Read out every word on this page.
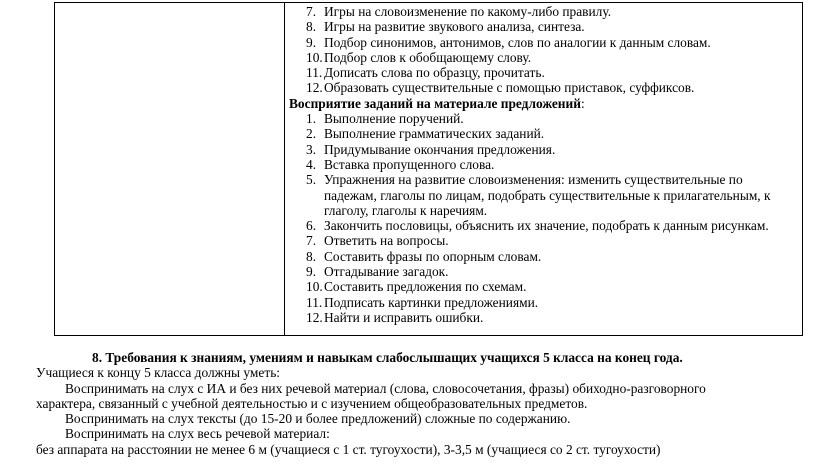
7. Игры на словоизменение по какому-либо правилу.
8. Игры на развитие звукового анализа, синтеза.
9. Подбор синонимов, антонимов, слов по аналогии к данным словам.
10. Подбор слов к обобщающему слову.
11. Дописать слова по образцу, прочитать.
12. Образовать существительные с помощью приставок, суффиксов.

Восприятие заданий на материале предложений:

1. Выполнение поручений.
2. Выполнение грамматических заданий.
3. Придумывание окончания предложения.
4. Вставка пропущенного слова.
5. Упражнения на развитие словоизменения: изменить существительные по падежам, глаголы по лицам, подобрать существительные к прилагательным, к глаголу, глаголы к наречиям.
6. Закончить пословицы, объяснить их значение, подобрать к данным рисункам.
7. Ответить на вопросы.
8. Составить фразы по опорным словам.
9. Отгадывание загадок.
10. Составить предложения по схемам.
11. Подписать картинки предложениями.
12. Найти и исправить ошибки.

8. Требования к знаниям, умениям и навыкам слабослышащих учащихся 5 класса на конец года.

Учащиеся к концу 5 класса должны уметь:

Воспринимать на слух с ИА и без них речевой материал (слова, словосочетания, фразы) обиходно-разговорного

характера, связанный с учебной деятельностью и с изучением общеобразовательных предметов.

Воспринимать на слух тексты (до 15-20 и более предложений) сложные по содержанию.

Воспринимать на слух весь речевой материал:

без аппарата на расстоянии не менее 6 м (учащиеся с 1 ст. тугоухости), 3-3,5 м (учащиеся со 2 ст. тугоухости)
